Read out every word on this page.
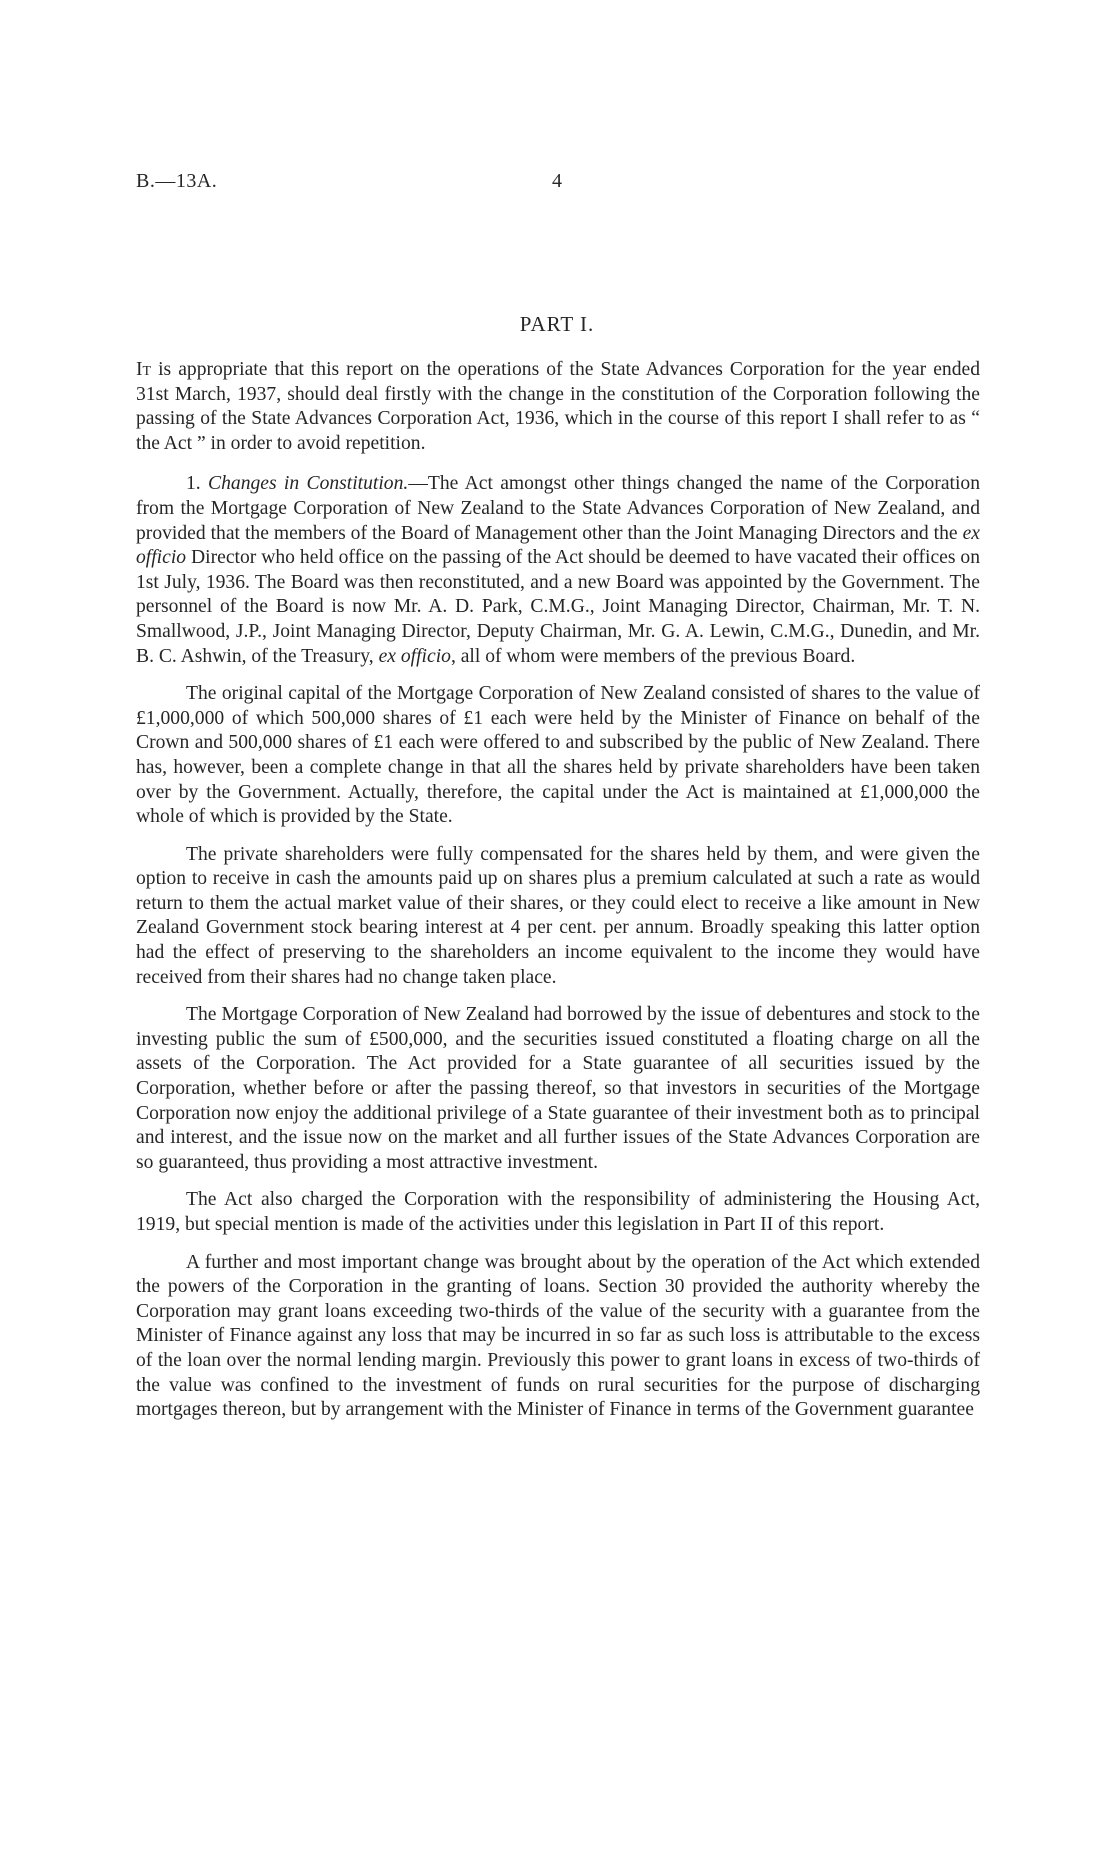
B.—13A.	4
PART I.

It is appropriate that this report on the operations of the State Advances Corporation for the year ended 31st March, 1937, should deal firstly with the change in the constitution of the Corporation following the passing of the State Advances Corporation Act, 1936, which in the course of this report I shall refer to as “ the Act ” in order to avoid repetition.

1. Changes in Constitution.—The Act amongst other things changed the name of the Corporation from the Mortgage Corporation of New Zealand to the State Advances Corporation of New Zealand, and provided that the members of the Board of Management other than the Joint Managing Directors and the ex officio Director who held office on the passing of the Act should be deemed to have vacated their offices on 1st July, 1936. The Board was then reconstituted, and a new Board was appointed by the Government. The personnel of the Board is now Mr. A. D. Park, C.M.G., Joint Managing Director, Chairman, Mr. T. N. Smallwood, J.P., Joint Managing Director, Deputy Chairman, Mr. G. A. Lewin, C.M.G., Dunedin, and Mr. B. C. Ashwin, of the Treasury, ex officio, all of whom were members of the previous Board.

The original capital of the Mortgage Corporation of New Zealand consisted of shares to the value of £1,000,000 of which 500,000 shares of £1 each were held by the Minister of Finance on behalf of the Crown and 500,000 shares of £1 each were offered to and subscribed by the public of New Zealand. There has, however, been a complete change in that all the shares held by private shareholders have been taken over by the Government. Actually, therefore, the capital under the Act is maintained at £1,000,000 the whole of which is provided by the State.

The private shareholders were fully compensated for the shares held by them, and were given the option to receive in cash the amounts paid up on shares plus a premium calculated at such a rate as would return to them the actual market value of their shares, or they could elect to receive a like amount in New Zealand Government stock bearing interest at 4 per cent. per annum. Broadly speaking this latter option had the effect of preserving to the shareholders an income equivalent to the income they would have received from their shares had no change taken place.

The Mortgage Corporation of New Zealand had borrowed by the issue of debentures and stock to the investing public the sum of £500,000, and the securities issued constituted a floating charge on all the assets of the Corporation. The Act provided for a State guarantee of all securities issued by the Corporation, whether before or after the passing thereof, so that investors in securities of the Mortgage Corporation now enjoy the additional privilege of a State guarantee of their investment both as to principal and interest, and the issue now on the market and all further issues of the State Advances Corporation are so guaranteed, thus providing a most attractive investment.

The Act also charged the Corporation with the responsibility of administering the Housing Act, 1919, but special mention is made of the activities under this legislation in Part II of this report.

A further and most important change was brought about by the operation of the Act which extended the powers of the Corporation in the granting of loans. Section 30 provided the authority whereby the Corporation may grant loans exceeding two-thirds of the value of the security with a guarantee from the Minister of Finance against any loss that may be incurred in so far as such loss is attributable to the excess of the loan over the normal lending margin. Previously this power to grant loans in excess of two-thirds of the value was confined to the investment of funds on rural securities for the purpose of discharging mortgages thereon, but by arrangement with the Minister of Finance in terms of the Government guarantee
